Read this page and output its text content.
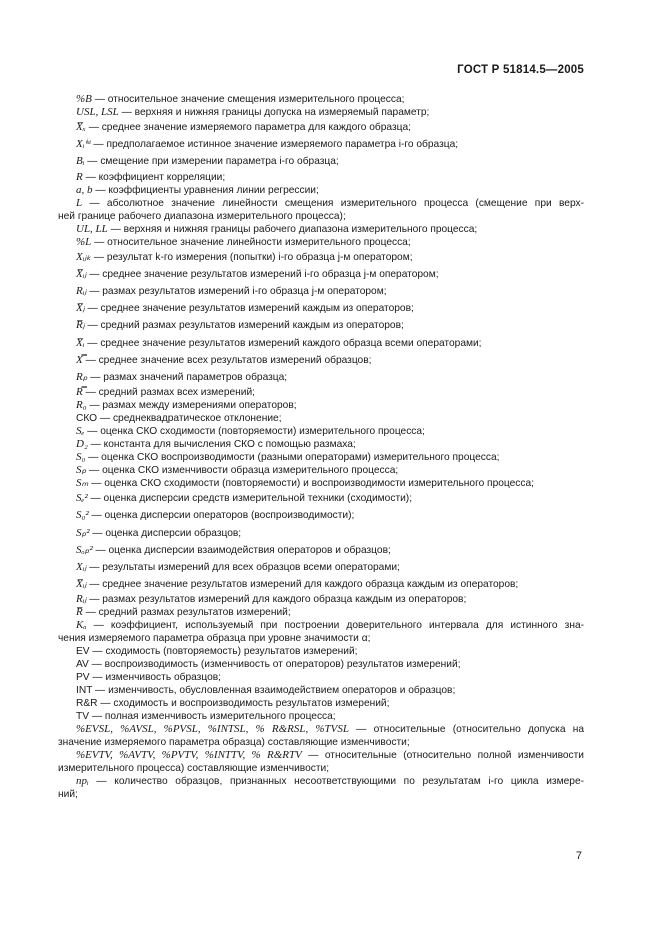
ГОСТ Р 51814.5—2005
%B — относительное значение смещения измерительного процесса;
USL, LSL — верхняя и нижняя границы допуска на измеряемый параметр;
X̅ₓ — среднее значение измеряемого параметра для каждого образца;
Xᵢⁱˢᵗ — предполагаемое истинное значение измеряемого параметра i-го образца;
Bᵢ — смещение при измерении параметра i-го образца;
R — коэффициент корреляции;
a, b — коэффициенты уравнения линии регрессии;
L — абсолютное значение линейности смещения измерительного процесса (смещение при верх-
ней границе рабочего диапазона измерительного процесса);
UL, LL — верхняя и нижняя границы рабочего диапазона измерительного процесса;
%L — относительное значение линейности измерительного процесса;
Xᵢⱼₖ — результат k-го измерения (попытки) i-го образца j-м оператором;
X̅ᵢⱼ — среднее значение результатов измерений i-го образца j-м оператором;
Rᵢⱼ — размах результатов измерений i-го образца j-м оператором;
X̅ⱼ — среднее значение результатов измерений каждым из операторов;
R̅ⱼ — средний размах результатов измерений каждым из операторов;
X̅ᵢ — среднее значение результатов измерений каждого образца всеми операторами;
X̿ — среднее значение всех результатов измерений образцов;
Rₚ — размах значений параметров образца;
R̿ — средний размах всех измерений;
R₀ — размах между измерениями операторов;
СКО — среднеквадратическое отклонение;
Sₑ — оценка СКО сходимости (повторяемости) измерительного процесса;
D₂ — константа для вычисления СКО с помощью размаха;
S₀ — оценка СКО воспроизводимости (разными операторами) измерительного процесса;
Sₚ — оценка СКО изменчивости образца измерительного процесса;
Sₘ — оценка СКО сходимости (повторяемости) и воспроизводимости измерительного процесса;
Sₑ² — оценка дисперсии средств измерительной техники (сходимости);
S₀² — оценка дисперсии операторов (воспроизводимости);
Sₚ² — оценка дисперсии образцов;
Sₒₚ² — оценка дисперсии взаимодействия операторов и образцов;
Xᵢⱼ — результаты измерений для всех образцов всеми операторами;
X̅ᵢⱼ — среднее значение результатов измерений для каждого образца каждым из операторов;
Rᵢⱼ — размах результатов измерений для каждого образца каждым из операторов;
R̅ — средний размах результатов измерений;
Kₐ — коэффициент, используемый при построении доверительного интервала для истинного зна-
чения измеряемого параметра образца при уровне значимости α;
EV — сходимость (повторяемость) результатов измерений;
AV — воспроизводимость (изменчивость от операторов) результатов измерений;
PV — изменчивость образцов;
INT — изменчивость, обусловленная взаимодействием операторов и образцов;
R&R — сходимость и воспроизводимость результатов измерений;
TV — полная изменчивость измерительного процесса;
%EVSL, %AVSL, %PVSL, %INTSL, % R&RSL, %TVSL — относительные (относительно допуска на
значение измеряемого параметра образца) составляющие изменчивости;
%EVTV, %AVTV, %PVTV, %INTTV, % R&RTV — относительные (относительно полной изменчивости
измерительного процесса) составляющие изменчивости;
npᵢ — количество образцов, признанных несоответствующими по результатам i-го цикла измере-
ний;
7
